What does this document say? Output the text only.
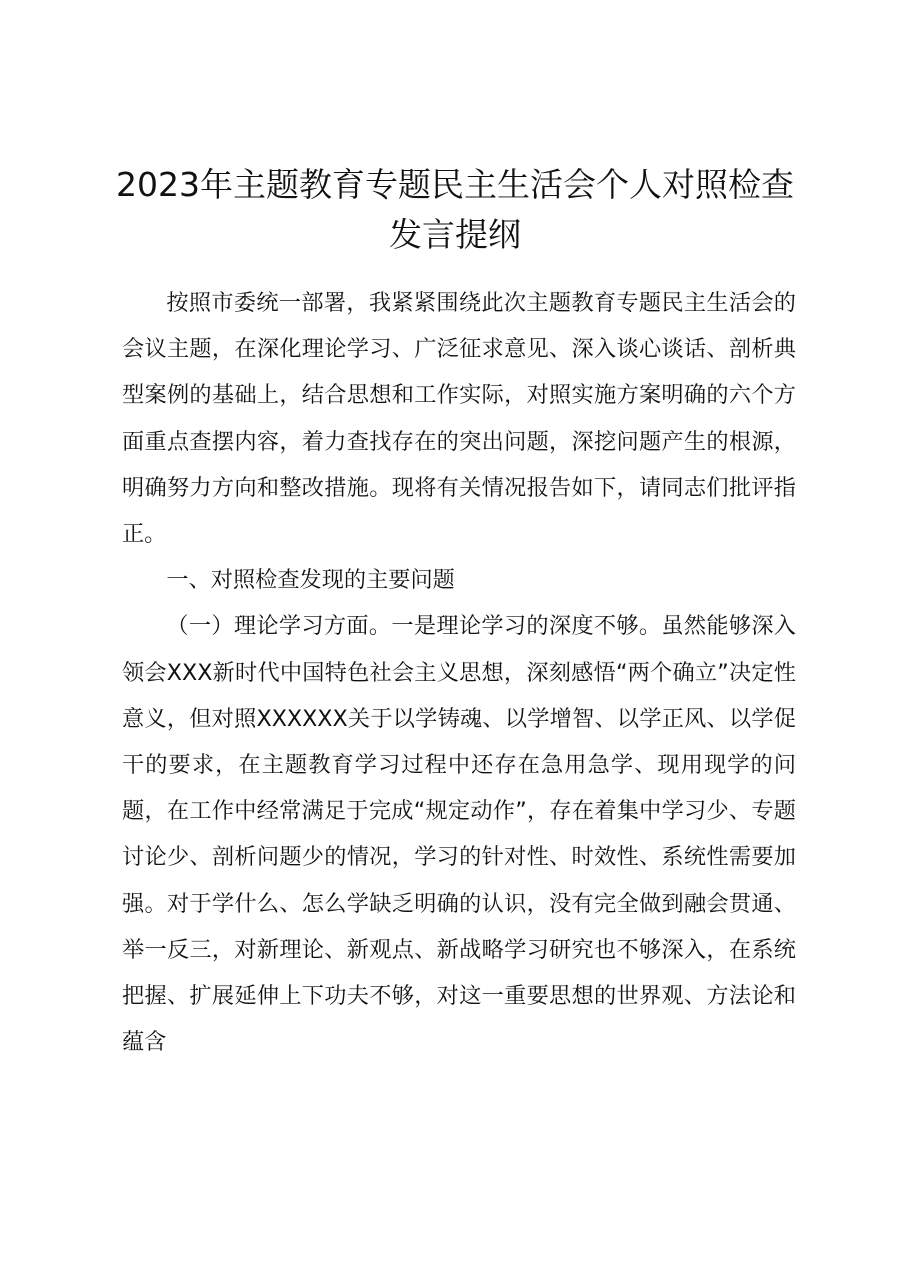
2023年主题教育专题民主生活会个人对照检查发言提纲

按照市委统一部署，我紧紧围绕此次主题教育专题民主生活会的会议主题，在深化理论学习、广泛征求意见、深入谈心谈话、剖析典型案例的基础上，结合思想和工作实际，对照实施方案明确的六个方面重点查摆内容，着力查找存在的突出问题，深挖问题产生的根源，明确努力方向和整改措施。现将有关情况报告如下，请同志们批评指正。

一、对照检查发现的主要问题

（一）理论学习方面。一是理论学习的深度不够。虽然能够深入领会XXX新时代中国特色社会主义思想，深刻感悟“两个确立”决定性意义，但对照XXXXXX关于以学铸魂、以学增智、以学正风、以学促干的要求，在主题教育学习过程中还存在急用急学、现用现学的问题，在工作中经常满足于完成“规定动作”，存在着集中学习少、专题讨论少、剖析问题少的情况，学习的针对性、时效性、系统性需要加强。对于学什么、怎么学缺乏明确的认识，没有完全做到融会贯通、举一反三，对新理论、新观点、新战略学习研究也不够深入，在系统把握、扩展延伸上下功夫不够，对这一重要思想的世界观、方法论和蕴含
